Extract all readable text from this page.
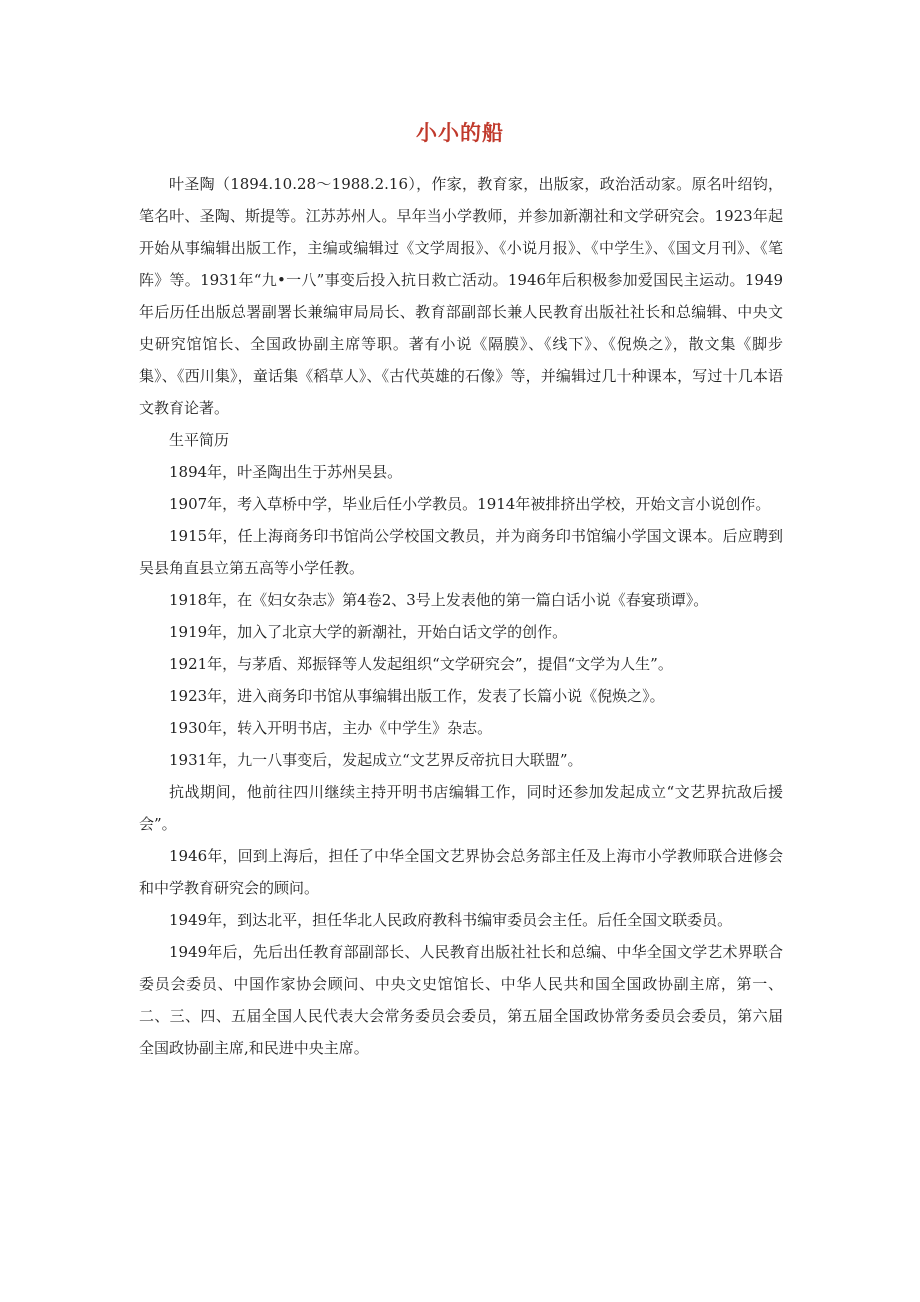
小小的船

叶圣陶（1894.10.28～1988.2.16），作家，教育家，出版家，政治活动家。原名叶绍钧，笔名叶、圣陶、斯提等。江苏苏州人。早年当小学教师，并参加新潮社和文学研究会。1923年起开始从事编辑出版工作，主编或编辑过《文学周报》、《小说月报》、《中学生》、《国文月刊》、《笔阵》等。1931年“九•一八”事变后投入抗日救亡活动。1946年后积极参加爱国民主运动。1949年后历任出版总署副署长兼编审局局长、教育部副部长兼人民教育出版社社长和总编辑、中央文史研究馆馆长、全国政协副主席等职。著有小说《隔膜》、《线下》、《倪焕之》，散文集《脚步集》、《西川集》，童话集《稻草人》、《古代英雄的石像》等，并编辑过几十种课本，写过十几本语文教育论著。

生平简历

1894年，叶圣陶出生于苏州吴县。

1907年，考入草桥中学，毕业后任小学教员。1914年被排挤出学校，开始文言小说创作。

1915年，任上海商务印书馆尚公学校国文教员，并为商务印书馆编小学国文课本。后应聘到吴县角直县立第五高等小学任教。

1918年，在《妇女杂志》第4卷2、3号上发表他的第一篇白话小说《春宴琐谭》。

1919年，加入了北京大学的新潮社，开始白话文学的创作。

1921年，与茅盾、郑振铎等人发起组织“文学研究会”，提倡“文学为人生”。

1923年，进入商务印书馆从事编辑出版工作，发表了长篇小说《倪焕之》。

1930年，转入开明书店，主办《中学生》杂志。

1931年，九一八事变后，发起成立“文艺界反帝抗日大联盟”。

抗战期间，他前往四川继续主持开明书店编辑工作，同时还参加发起成立“文艺界抗敌后援会”。

1946年，回到上海后，担任了中华全国文艺界协会总务部主任及上海市小学教师联合进修会和中学教育研究会的顾问。

1949年，到达北平，担任华北人民政府教科书编审委员会主任。后任全国文联委员。

1949年后，先后出任教育部副部长、人民教育出版社社长和总编、中华全国文学艺术界联合委员会委员、中国作家协会顾问、中央文史馆馆长、中华人民共和国全国政协副主席，第一、二、三、四、五届全国人民代表大会常务委员会委员，第五届全国政协常务委员会委员，第六届全国政协副主席,和民进中央主席。
